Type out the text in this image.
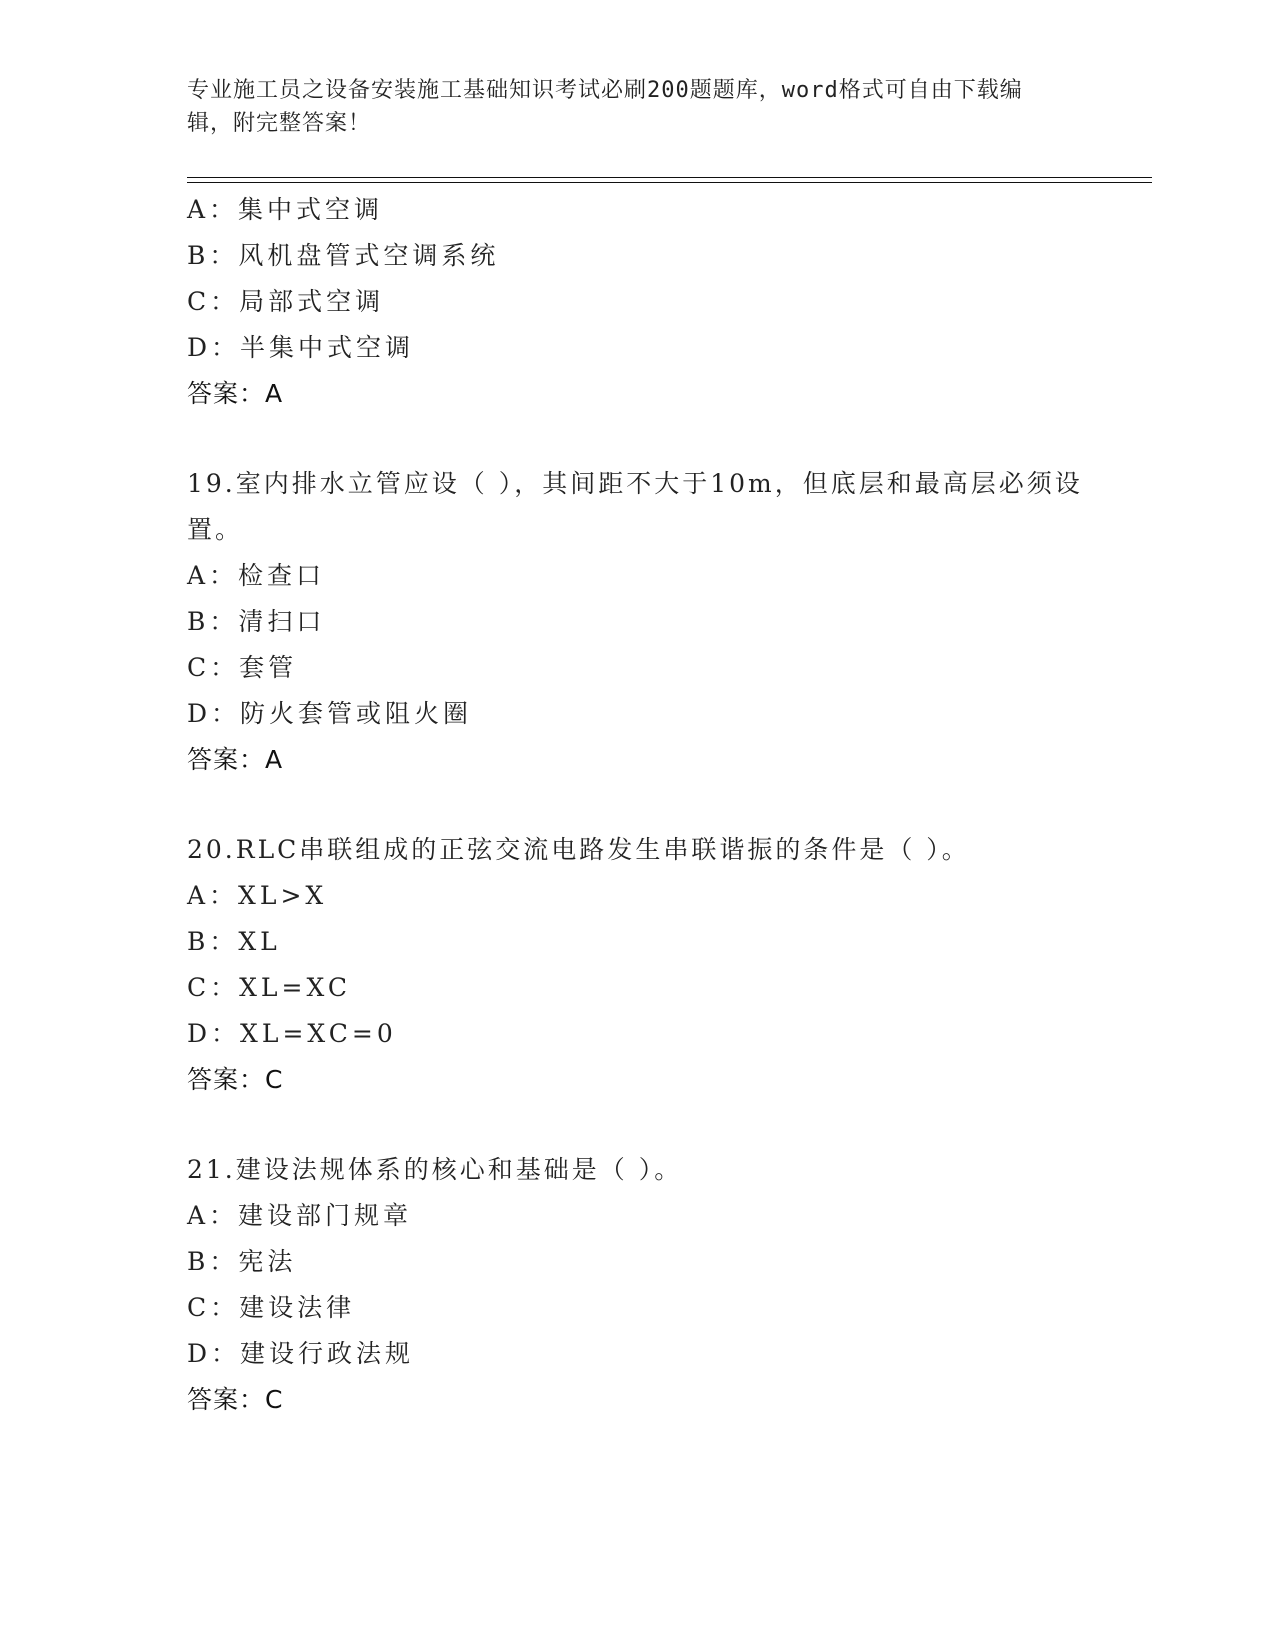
专业施工员之设备安装施工基础知识考试必刷200题题库，word格式可自由下载编辑，附完整答案！
A：集中式空调
B：风机盘管式空调系统
C：局部式空调
D：半集中式空调
答案：A
19.室内排水立管应设（ ），其间距不大于10m，但底层和最高层必须设置。
A：检查口
B：清扫口
C：套管
D：防火套管或阻火圈
答案：A
20.RLC串联组成的正弦交流电路发生串联谐振的条件是（ ）。
A：XL>X
B：XL
C：XL=XC
D：XL=XC=0
答案：C
21.建设法规体系的核心和基础是（ ）。
A：建设部门规章
B：宪法
C：建设法律
D：建设行政法规
答案：C
